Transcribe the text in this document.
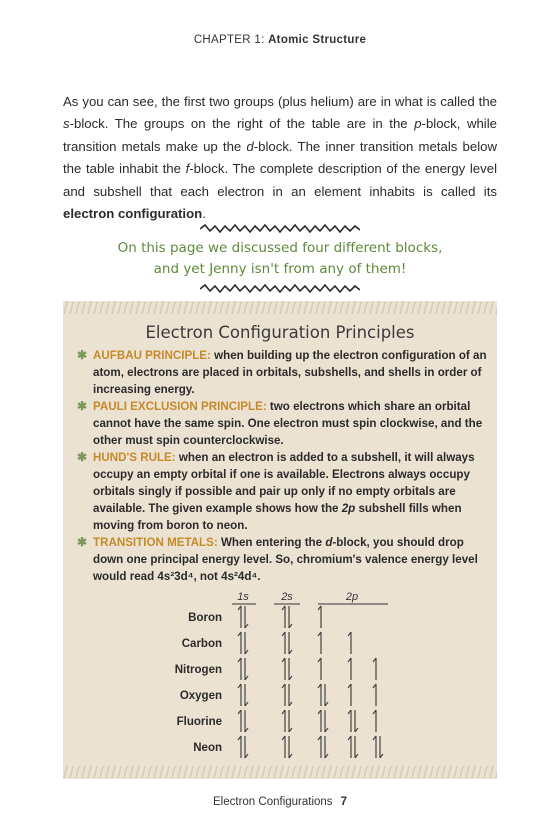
CHAPTER 1: Atomic Structure
As you can see, the first two groups (plus helium) are in what is called the s-block. The groups on the right of the table are in the p-block, while transition metals make up the d-block. The inner transition metals below the table inhabit the f-block. The complete description of the energy level and subshell that each electron in an element inhabits is called its electron configuration.
On this page we discussed four different blocks,
and yet Jenny isn't from any of them!
Electron Configuration Principles
✱ AUFBAU PRINCIPLE: when building up the electron configuration of an atom, electrons are placed in orbitals, subshells, and shells in order of increasing energy.
✱ PAULI EXCLUSION PRINCIPLE: two electrons which share an orbital cannot have the same spin. One electron must spin clockwise, and the other must spin counterclockwise.
✱ HUND'S RULE: when an electron is added to a subshell, it will always occupy an empty orbital if one is available. Electrons always occupy orbitals singly if possible and pair up only if no empty orbitals are available. The given example shows how the 2p subshell fills when moving from boron to neon.
✱ TRANSITION METALS: When entering the d-block, you should drop down one principal energy level. So, chromium's valence energy level would read 4s²3d⁴, not 4s²4d⁴.
1s	2s	2p
Boron
Carbon
Nitrogen
Oxygen
Fluorine
Neon
Electron Configurations 7
